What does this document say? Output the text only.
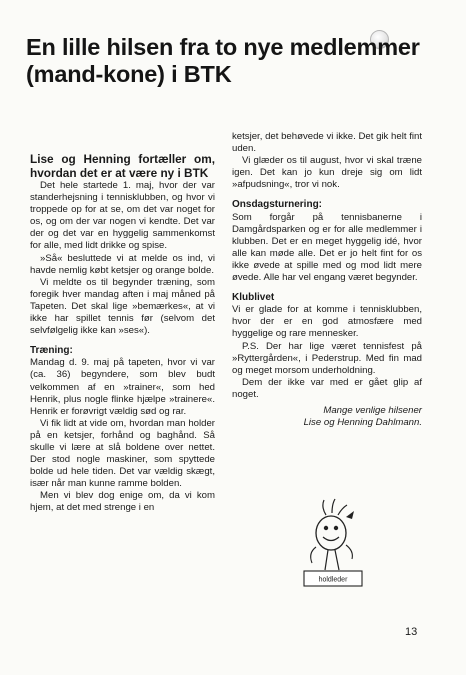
En lille hilsen fra to nye medlemmer (mand-kone) i BTK

Lise og Henning fortæller om, hvordan det er at være ny i BTK

Det hele startede 1. maj, hvor der var standerhejsning i tennisklubben, og hvor vi troppede op for at se, om det var noget for os, og om der var nogen vi kendte. Det var der og det var en hyggelig sammenkomst for alle, med lidt drikke og spise.

»Så« besluttede vi at melde os ind, vi havde nemlig købt ketsjer og orange bolde.

Vi meldte os til begynder træning, som foregik hver mandag aften i maj måned på Tapeten. Det skal lige »bemærkes«, at vi ikke har spillet tennis før (selvom det selvfølgelig ikke kan »ses«).

Træning:

Mandag d. 9. maj på tapeten, hvor vi var (ca. 36) begyndere, som blev budt velkommen af en »trainer«, som hed Henrik, plus nogle flinke hjælpe »trainere«. Henrik er forøvrigt vældig sød og rar.

Vi fik lidt at vide om, hvordan man holder på en ketsjer, forhånd og baghånd. Så skulle vi lære at slå boldene over nettet. Der stod nogle maskiner, som spyttede bolde ud hele tiden. Det var vældig skægt, især når man kunne ramme bolden.

Men vi blev dog enige om, da vi kom hjem, at det med strenge i en

ketsjer, det behøvede vi ikke. Det gik helt fint uden.

Vi glæder os til august, hvor vi skal træne igen. Det kan jo kun dreje sig om lidt »afpudsning«, tror vi nok.

Onsdagsturnering:

Som forgår på tennisbanerne i Damgårdsparken og er for alle medlemmer i klubben. Det er en meget hyggelig idé, hvor alle kan møde alle. Det er jo helt fint for os ikke øvede at spille med og mod lidt mere øvede. Alle har vel engang været begynder.

Klublivet

Vi er glade for at komme i tennisklubben, hvor der er en god atmosfære med hyggelige og rare mennesker.

P.S. Der har lige været tennisfest på »Ryttergården«, i Pederstrup. Med fin mad og meget morsom underholdning.

Dem der ikke var med er gået glip af noget.

Mange venlige hilsener
Lise og Henning Dahlmann.
holdleder
13
